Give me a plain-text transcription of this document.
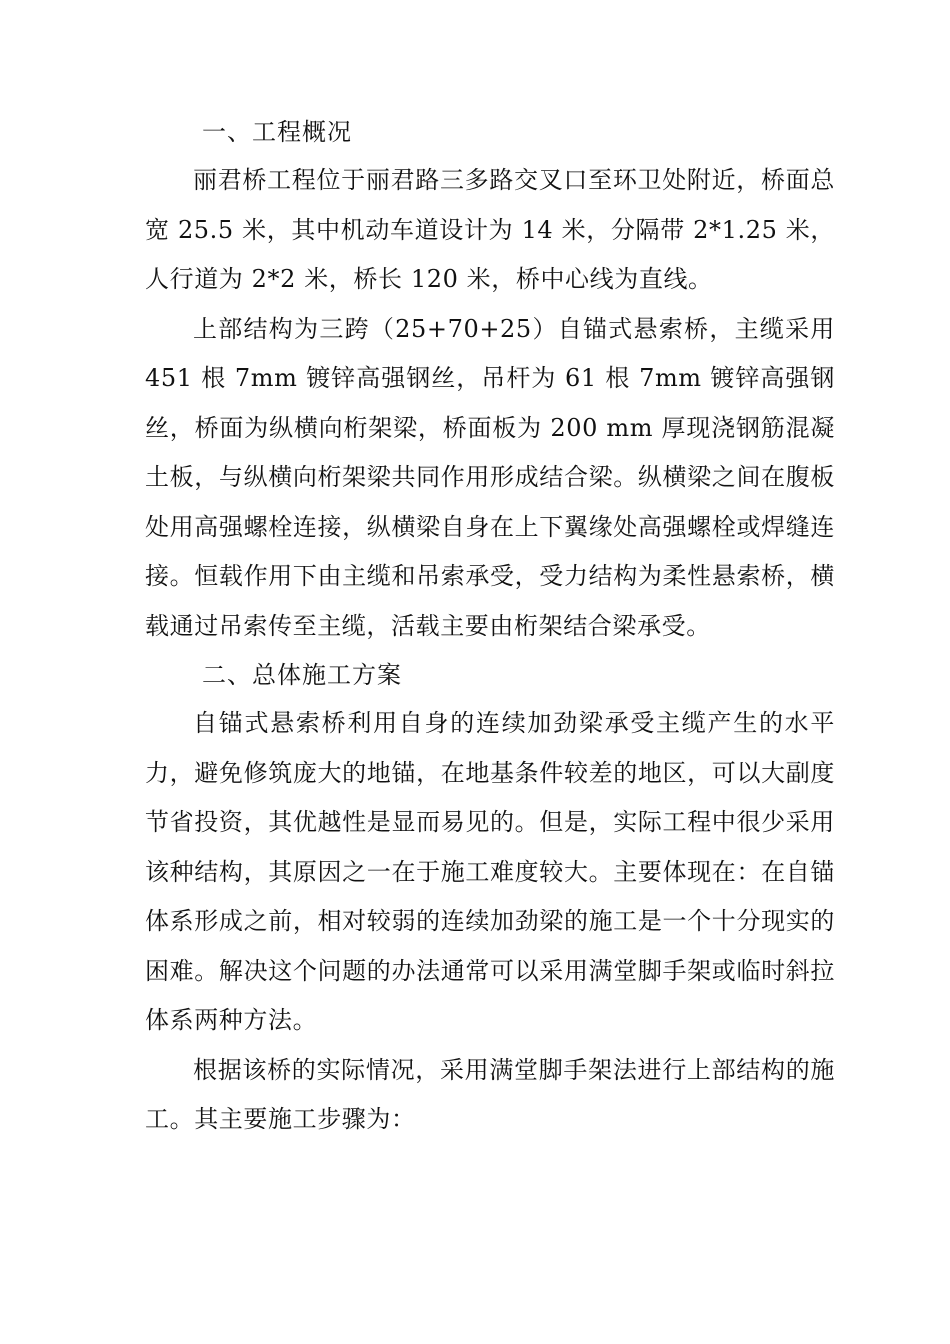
一、工程概况

丽君桥工程位于丽君路三多路交叉口至环卫处附近，桥面总宽 25.5 米，其中机动车道设计为 14 米，分隔带 2*1.25 米，人行道为 2*2 米，桥长 120 米，桥中心线为直线。

上部结构为三跨（25+70+25）自锚式悬索桥，主缆采用 451 根 7mm 镀锌高强钢丝，吊杆为 61 根 7mm 镀锌高强钢丝，桥面为纵横向桁架梁，桥面板为 200 mm 厚现浇钢筋混凝土板，与纵横向桁架梁共同作用形成结合梁。纵横梁之间在腹板处用高强螺栓连接，纵横梁自身在上下翼缘处高强螺栓或焊缝连接。恒载作用下由主缆和吊索承受，受力结构为柔性悬索桥，横载通过吊索传至主缆，活载主要由桁架结合梁承受。

二、总体施工方案

自锚式悬索桥利用自身的连续加劲梁承受主缆产生的水平力，避免修筑庞大的地锚，在地基条件较差的地区，可以大副度节省投资，其优越性是显而易见的。但是，实际工程中很少采用该种结构，其原因之一在于施工难度较大。主要体现在：在自锚体系形成之前，相对较弱的连续加劲梁的施工是一个十分现实的困难。解决这个问题的办法通常可以采用满堂脚手架或临时斜拉体系两种方法。

根据该桥的实际情况，采用满堂脚手架法进行上部结构的施工。其主要施工步骤为：
